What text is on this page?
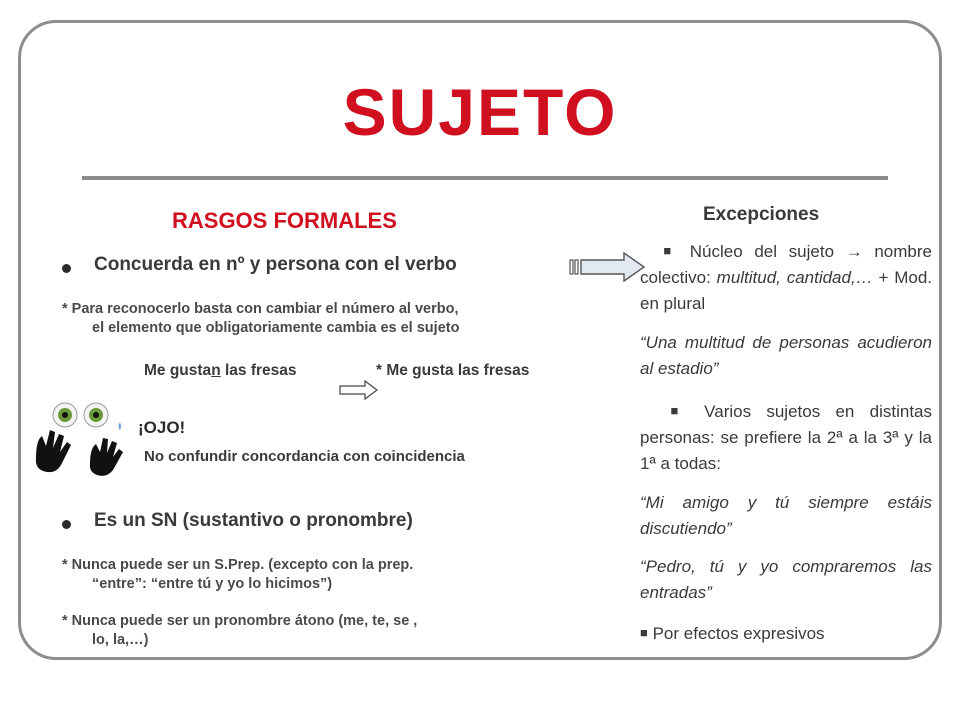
SUJETO
RASGOS FORMALES
Concuerda en nº y persona con el verbo
* Para reconocerlo basta con cambiar el número al verbo,
el elemento que obligatoriamente cambia es el sujeto
Me gustan las fresas	* Me gusta las fresas
¡OJO!
No confundir concordancia con coincidencia
Es un SN (sustantivo o pronombre)
* Nunca puede ser un S.Prep. (excepto con la prep.
“entre”: “entre tú y yo lo hicimos”)
* Nunca puede ser un pronombre átono (me, te, se ,
lo, la,…)
Excepciones
■ Núcleo del sujeto → nombre colectivo: multitud, cantidad,… + Mod. en plural
“Una multitud de personas acudieron al estadio”
■ Varios sujetos en distintas personas: se prefiere la 2ª a la 3ª y la 1ª a todas:
“Mi amigo y tú siempre estáis discutiendo”
“Pedro, tú y yo compraremos las entradas”
■ Por efectos expresivos
